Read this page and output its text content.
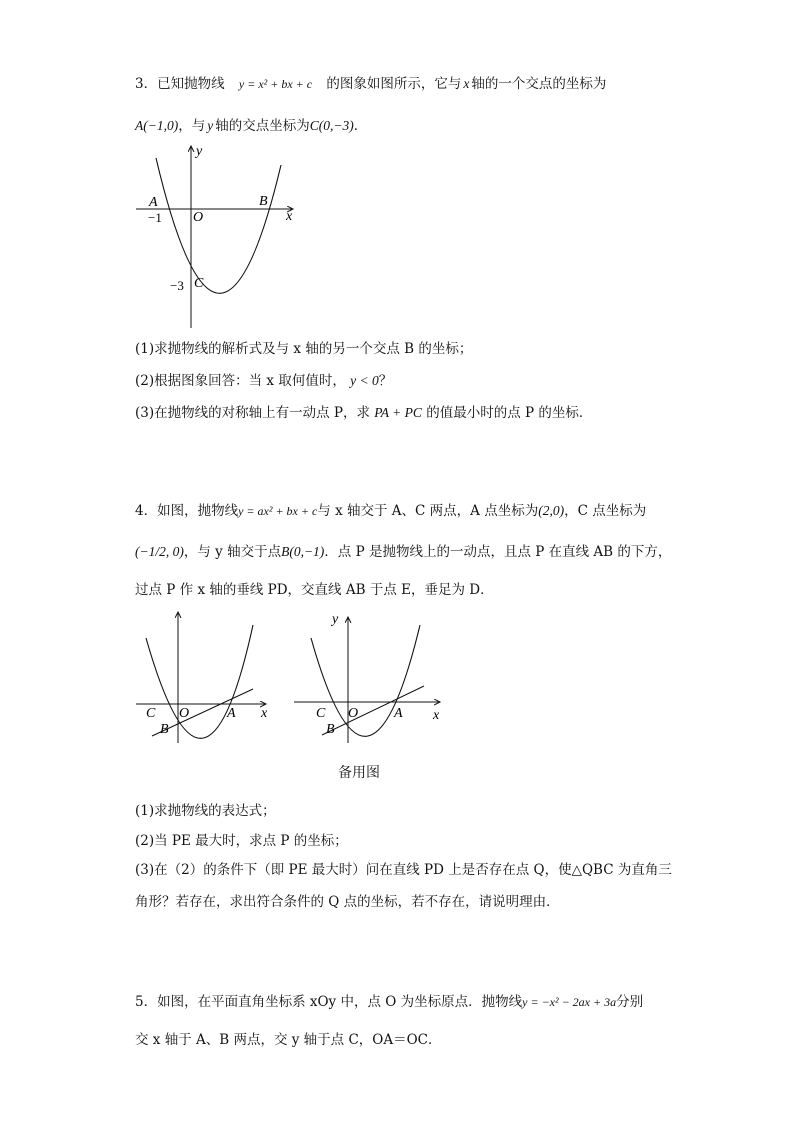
3．已知抛物线 y = x² + bx + c 的图象如图所示，它与 x 轴的一个交点的坐标为
A(−1,0)，与 y 轴的交点坐标为C(0,−3)．
y
x
O
A	B
C
−1
−3
(1)求抛物线的解析式及与 x 轴的另一个交点 B 的坐标；
(2)根据图象回答：当 x 取何值时， y < 0？
(3)在抛物线的对称轴上有一动点 P，求 PA + PC 的值最小时的点 P 的坐标．
4．如图，抛物线y = ax² + bx + c与 x 轴交于 A、C 两点，A 点坐标为(2,0)，C 点坐标为
(−1/2, 0)，与 y 轴交于点B(0,−1)．点 P 是抛物线上的一动点，且点 P 在直线 AB 的下方，
过点 P 作 x 轴的垂线 PD，交直线 AB 于点 E，垂足为 D．
C O	A
B
x
y
C O	A
B
x
备用图
(1)求抛物线的表达式；
(2)当 PE 最大时，求点 P 的坐标；
(3)在（2）的条件下（即 PE 最大时）问在直线 PD 上是否存在点 Q，使△QBC 为直角三
角形？若存在，求出符合条件的 Q 点的坐标，若不存在，请说明理由．
5．如图，在平面直角坐标系 xOy 中，点 O 为坐标原点．抛物线y = −x² − 2ax + 3a分别
交 x 轴于 A、B 两点，交 y 轴于点 C，OA＝OC．
